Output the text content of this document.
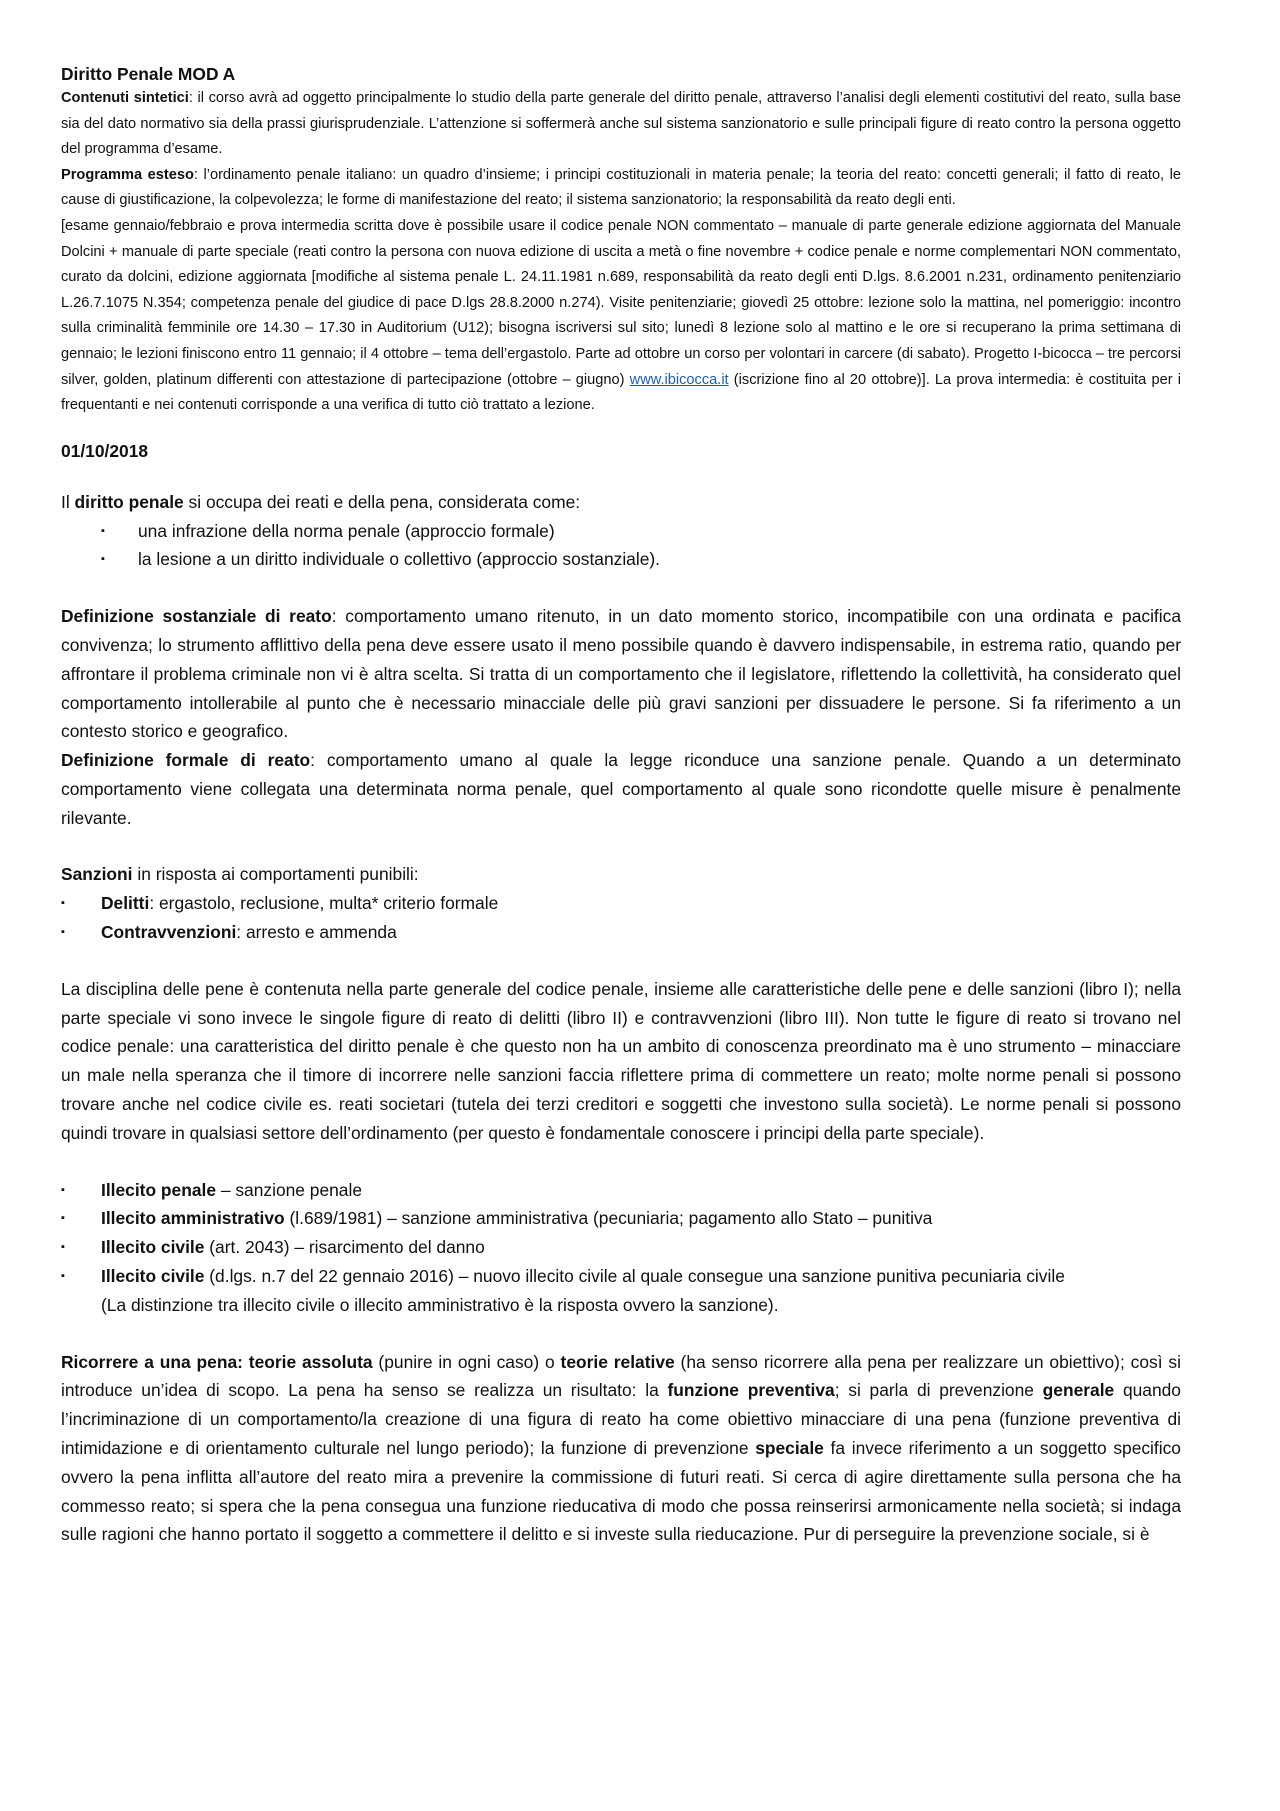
Diritto Penale MOD A

Contenuti sintetici: il corso avrà ad oggetto principalmente lo studio della parte generale del diritto penale, attraverso l’analisi degli elementi costitutivi del reato, sulla base sia del dato normativo sia della prassi giurisprudenziale. L’attenzione si soffermerà anche sul sistema sanzionatorio e sulle principali figure di reato contro la persona oggetto del programma d’esame.

Programma esteso: l’ordinamento penale italiano: un quadro d’insieme; i principi costituzionali in materia penale; la teoria del reato: concetti generali; il fatto di reato, le cause di giustificazione, la colpevolezza; le forme di manifestazione del reato; il sistema sanzionatorio; la responsabilità da reato degli enti.

[esame gennaio/febbraio e prova intermedia scritta dove è possibile usare il codice penale NON commentato – manuale di parte generale edizione aggiornata del Manuale Dolcini + manuale di parte speciale (reati contro la persona con nuova edizione di uscita a metà o fine novembre + codice penale e norme complementari NON commentato, curato da dolcini, edizione aggiornata [modifiche al sistema penale L. 24.11.1981 n.689, responsabilità da reato degli enti D.lgs. 8.6.2001 n.231, ordinamento penitenziario L.26.7.1075 N.354; competenza penale del giudice di pace D.lgs 28.8.2000 n.274). Visite penitenziarie; giovedì 25 ottobre: lezione solo la mattina, nel pomeriggio: incontro sulla criminalità femminile ore 14.30 – 17.30 in Auditorium (U12); bisogna iscriversi sul sito; lunedì 8 lezione solo al mattino e le ore si recuperano la prima settimana di gennaio; le lezioni finiscono entro 11 gennaio; il 4 ottobre – tema dell’ergastolo. Parte ad ottobre un corso per volontari in carcere (di sabato). Progetto I-bicocca – tre percorsi silver, golden, platinum differenti con attestazione di partecipazione (ottobre – giugno) www.ibicocca.it (iscrizione fino al 20 ottobre)]. La prova intermedia: è costituita per i frequentanti e nei contenuti corrisponde a una verifica di tutto ciò trattato a lezione.

01/10/2018

Il diritto penale si occupa dei reati e della pena, considerata come:

▪ una infrazione della norma penale (approccio formale)
▪ la lesione a un diritto individuale o collettivo (approccio sostanziale).

Definizione sostanziale di reato: comportamento umano ritenuto, in un dato momento storico, incompatibile con una ordinata e pacifica convivenza; lo strumento afflittivo della pena deve essere usato il meno possibile quando è davvero indispensabile, in estrema ratio, quando per affrontare il problema criminale non vi è altra scelta. Si tratta di un comportamento che il legislatore, riflettendo la collettività, ha considerato quel comportamento intollerabile al punto che è necessario minacciale delle più gravi sanzioni per dissuadere le persone. Si fa riferimento a un contesto storico e geografico.

Definizione formale di reato: comportamento umano al quale la legge riconduce una sanzione penale. Quando a un determinato comportamento viene collegata una determinata norma penale, quel comportamento al quale sono ricondotte quelle misure è penalmente rilevante.

Sanzioni in risposta ai comportamenti punibili:

▪ Delitti: ergastolo, reclusione, multa* criterio formale
▪ Contravvenzioni: arresto e ammenda

La disciplina delle pene è contenuta nella parte generale del codice penale, insieme alle caratteristiche delle pene e delle sanzioni (libro I); nella parte speciale vi sono invece le singole figure di reato di delitti (libro II) e contravvenzioni (libro III). Non tutte le figure di reato si trovano nel codice penale: una caratteristica del diritto penale è che questo non ha un ambito di conoscenza preordinato ma è uno strumento – minacciare un male nella speranza che il timore di incorrere nelle sanzioni faccia riflettere prima di commettere un reato; molte norme penali si possono trovare anche nel codice civile es. reati societari (tutela dei terzi creditori e soggetti che investono sulla società). Le norme penali si possono quindi trovare in qualsiasi settore dell’ordinamento (per questo è fondamentale conoscere i principi della parte speciale).

▪ Illecito penale – sanzione penale
▪ Illecito amministrativo (l.689/1981) – sanzione amministrativa (pecuniaria; pagamento allo Stato – punitiva
▪ Illecito civile (art. 2043) – risarcimento del danno
▪ Illecito civile (d.lgs. n.7 del 22 gennaio 2016) – nuovo illecito civile al quale consegue una sanzione punitiva pecuniaria civile
(La distinzione tra illecito civile o illecito amministrativo è la risposta ovvero la sanzione).

Ricorrere a una pena: teorie assoluta (punire in ogni caso) o teorie relative (ha senso ricorrere alla pena per realizzare un obiettivo); così si introduce un’idea di scopo. La pena ha senso se realizza un risultato: la funzione preventiva; si parla di prevenzione generale quando l’incriminazione di un comportamento/la creazione di una figura di reato ha come obiettivo minacciare di una pena (funzione preventiva di intimidazione e di orientamento culturale nel lungo periodo); la funzione di prevenzione speciale fa invece riferimento a un soggetto specifico ovvero la pena inflitta all’autore del reato mira a prevenire la commissione di futuri reati. Si cerca di agire direttamente sulla persona che ha commesso reato; si spera che la pena consegua una funzione rieducativa di modo che possa reinserirsi armonicamente nella società; si indaga sulle ragioni che hanno portato il soggetto a commettere il delitto e si investe sulla rieducazione. Pur di perseguire la prevenzione sociale, si è
